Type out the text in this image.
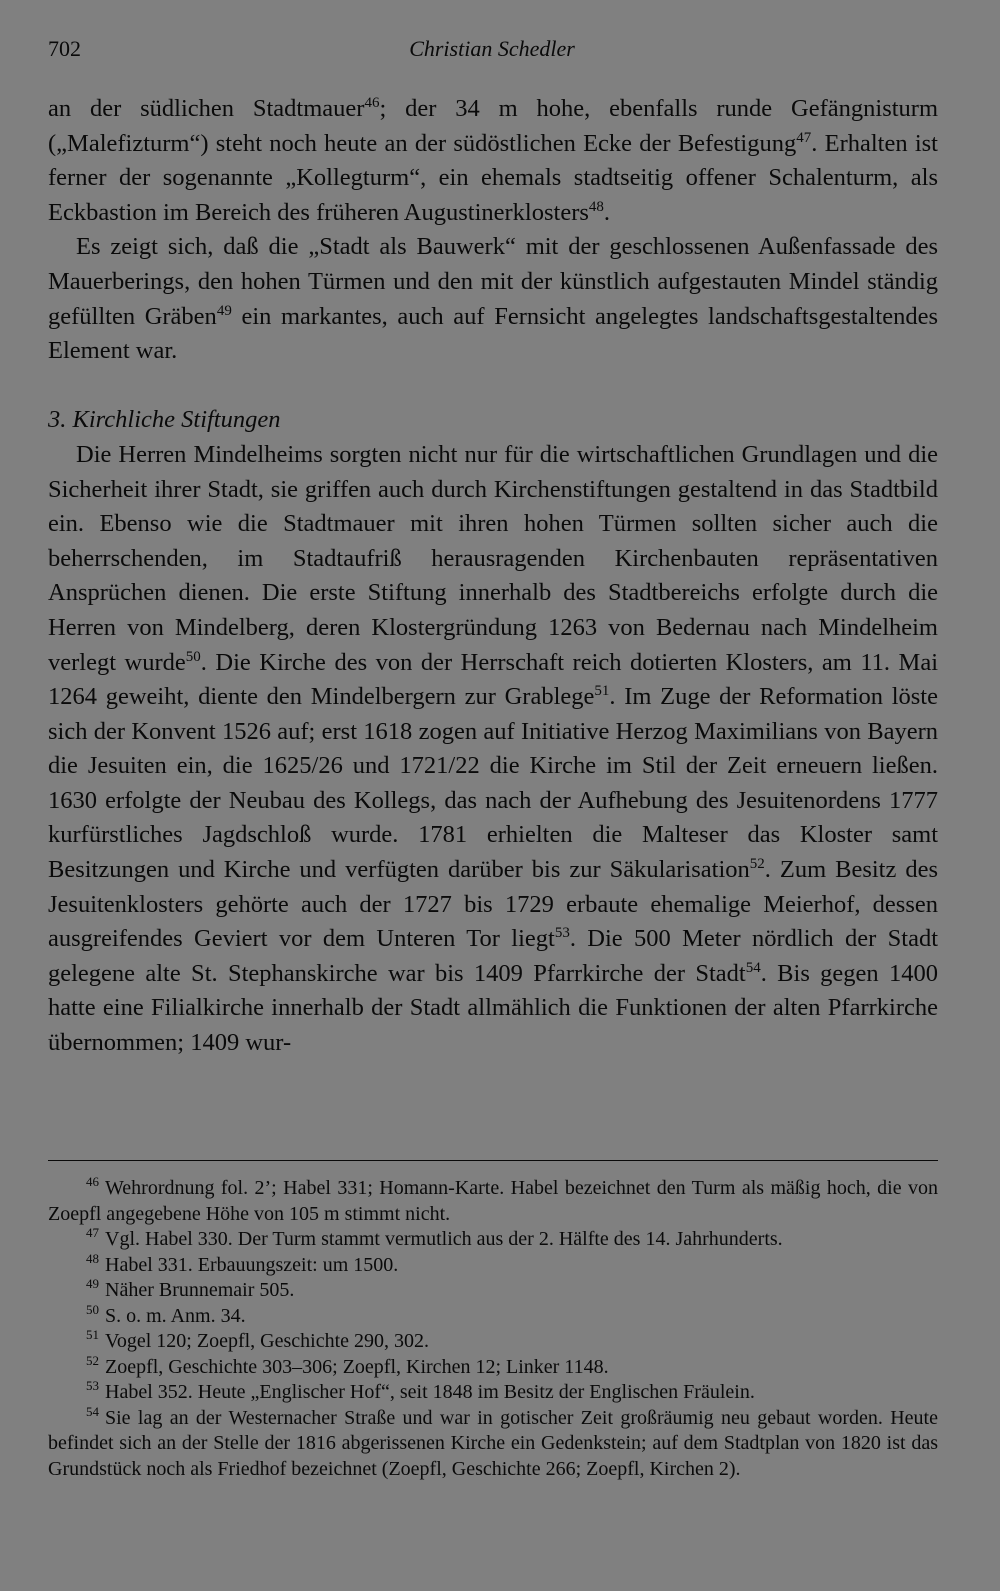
702	Christian Schedler

an der südlichen Stadtmauer$^{46}$; der 34 m hohe, ebenfalls runde Gefängnisturm („Malefizturm“) steht noch heute an der südöstlichen Ecke der Befestigung$^{47}$. Erhalten ist ferner der sogenannte „Kollegturm“, ein ehemals stadtseitig offener Schalenturm, als Eckbastion im Bereich des früheren Augustinerklosters$^{48}$.

Es zeigt sich, daß die „Stadt als Bauwerk“ mit der geschlossenen Außenfassade des Mauerberings, den hohen Türmen und den mit der künstlich aufgestauten Mindel ständig gefüllten Gräben$^{49}$ ein markantes, auch auf Fernsicht angelegtes landschaftsgestaltendes Element war.

3. Kirchliche Stiftungen

Die Herren Mindelheims sorgten nicht nur für die wirtschaftlichen Grundlagen und die Sicherheit ihrer Stadt, sie griffen auch durch Kirchenstiftungen gestaltend in das Stadtbild ein. Ebenso wie die Stadtmauer mit ihren hohen Türmen sollten sicher auch die beherrschenden, im Stadtaufriß herausragenden Kirchenbauten repräsentativen Ansprüchen dienen. Die erste Stiftung innerhalb des Stadtbereichs erfolgte durch die Herren von Mindelberg, deren Klostergründung 1263 von Bedernau nach Mindelheim verlegt wurde$^{50}$. Die Kirche des von der Herrschaft reich dotierten Klosters, am 11. Mai 1264 geweiht, diente den Mindelbergern zur Grablege$^{51}$. Im Zuge der Reformation löste sich der Konvent 1526 auf; erst 1618 zogen auf Initiative Herzog Maximilians von Bayern die Jesuiten ein, die 1625/26 und 1721/22 die Kirche im Stil der Zeit erneuern ließen. 1630 erfolgte der Neubau des Kollegs, das nach der Aufhebung des Jesuitenordens 1777 kurfürstliches Jagdschloß wurde. 1781 erhielten die Malteser das Kloster samt Besitzungen und Kirche und verfügten darüber bis zur Säkularisation$^{52}$. Zum Besitz des Jesuitenklosters gehörte auch der 1727 bis 1729 erbaute ehemalige Meierhof, dessen ausgreifendes Geviert vor dem Unteren Tor liegt$^{53}$. Die 500 Meter nördlich der Stadt gelegene alte St. Stephanskirche war bis 1409 Pfarrkirche der Stadt$^{54}$. Bis gegen 1400 hatte eine Filialkirche innerhalb der Stadt allmählich die Funktionen der alten Pfarrkirche übernommen; 1409 wur-

$^{46}$ Wehrordnung fol. 2’; Habel 331; Homann-Karte. Habel bezeichnet den Turm als mäßig hoch, die von Zoepfl angegebene Höhe von 105 m stimmt nicht.

$^{47}$ Vgl. Habel 330. Der Turm stammt vermutlich aus der 2. Hälfte des 14. Jahrhunderts.

$^{48}$ Habel 331. Erbauungszeit: um 1500.

$^{49}$ Näher Brunnemair 505.

$^{50}$ S. o. m. Anm. 34.

$^{51}$ Vogel 120; Zoepfl, Geschichte 290, 302.

$^{52}$ Zoepfl, Geschichte 303–306; Zoepfl, Kirchen 12; Linker 1148.

$^{53}$ Habel 352. Heute „Englischer Hof“, seit 1848 im Besitz der Englischen Fräulein.

$^{54}$ Sie lag an der Westernacher Straße und war in gotischer Zeit großräumig neu gebaut worden. Heute befindet sich an der Stelle der 1816 abgerissenen Kirche ein Gedenkstein; auf dem Stadtplan von 1820 ist das Grundstück noch als Friedhof bezeichnet (Zoepfl, Geschichte 266; Zoepfl, Kirchen 2).
